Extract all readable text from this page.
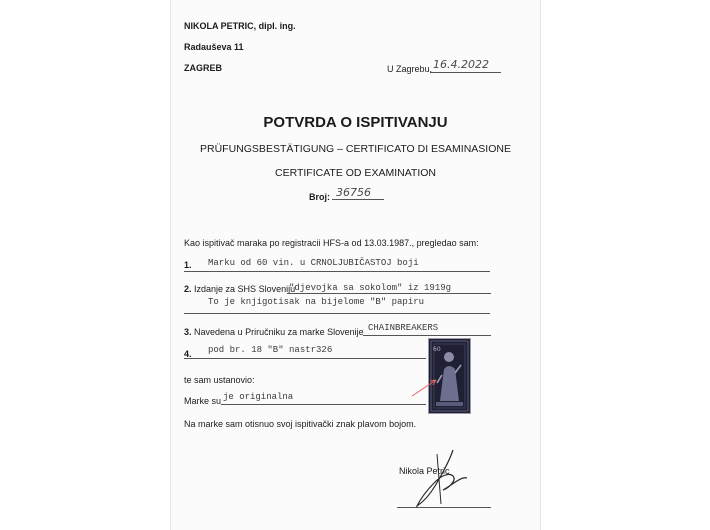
NIKOLA PETRIC, dipl. ing.
Radauševa 11
ZAGREB	U Zagrebu, 16.4.2022
POTVRDA O ISPITIVANJU
PRÜFUNGSBESTÄTIGUNG – CERTIFICATO DI ESAMINASIONE
CERTIFICATE OD EXAMINATION
Broj: 36756
Kao ispitivač maraka po registracii HFS-a od 13.03.1987., pregledao sam:
1. Marku od 60 vin. u CRNOLJUBIČASTOJ boji
2. Izdanje za SHS Sloveniju
"djevojka sa sokolom" iz 1919g
To je knjigotisak na bijelome "B" papiru
3. Navedena u Priručniku za marke Slovenije CHAINBREAKERS
4. pod br. 18 "B" nastr326
te sam ustanovio:
Marke su je originalna
Na marke sam otisnuo svoj ispitivački znak plavom bojom.
Nikola Petric
60
